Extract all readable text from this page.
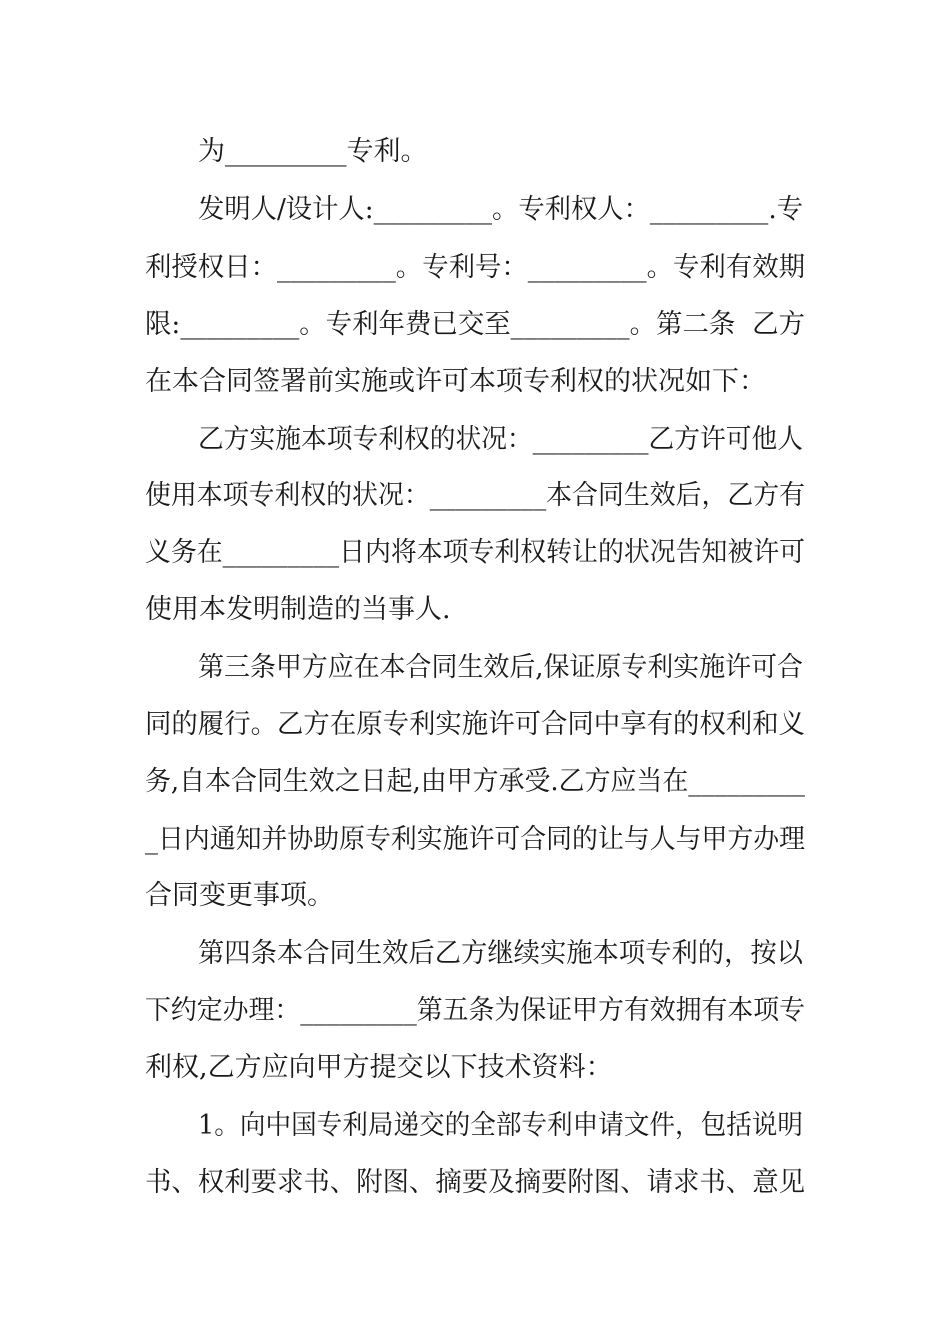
为_________专利。
发明人/设计人:_________。专利权人：_________.专
利授权日：_________。专利号：_________。专利有效期
限:_________。专利年费已交至_________。第二条  乙方
在本合同签署前实施或许可本项专利权的状况如下：
乙方实施本项专利权的状况：_________乙方许可他人
使用本项专利权的状况：_________本合同生效后，乙方有
义务在_________日内将本项专利权转让的状况告知被许可
使用本发明制造的当事人.
第三条甲方应在本合同生效后,保证原专利实施许可合
同的履行。乙方在原专利实施许可合同中享有的权利和义
务,自本合同生效之日起,由甲方承受.乙方应当在_________
_日内通知并协助原专利实施许可合同的让与人与甲方办理
合同变更事项。
第四条本合同生效后乙方继续实施本项专利的，按以
下约定办理：_________第五条为保证甲方有效拥有本项专
利权,乙方应向甲方提交以下技术资料：
1。向中国专利局递交的全部专利申请文件，包括说明
书、权利要求书、附图、摘要及摘要附图、请求书、意见
